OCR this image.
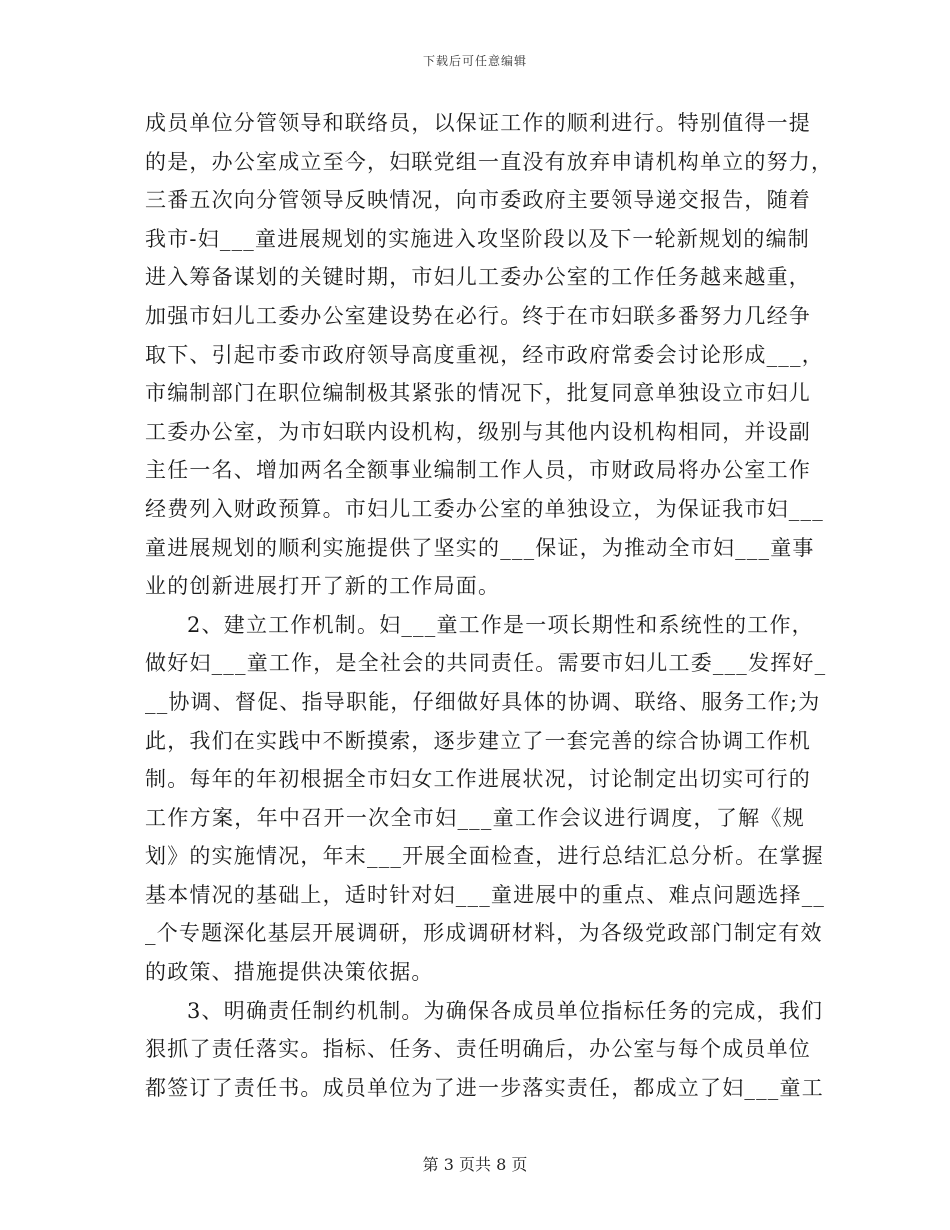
下载后可任意编辑
成员单位分管领导和联络员，以保证工作的顺利进行。特别值得一提
的是，办公室成立至今，妇联党组一直没有放弃申请机构单立的努力，
三番五次向分管领导反映情况，向市委政府主要领导递交报告，随着
我市-妇___童进展规划的实施进入攻坚阶段以及下一轮新规划的编制
进入筹备谋划的关键时期，市妇儿工委办公室的工作任务越来越重，
加强市妇儿工委办公室建设势在必行。终于在市妇联多番努力几经争
取下、引起市委市政府领导高度重视，经市政府常委会讨论形成___，
市编制部门在职位编制极其紧张的情况下，批复同意单独设立市妇儿
工委办公室，为市妇联内设机构，级别与其他内设机构相同，并设副
主任一名、增加两名全额事业编制工作人员，市财政局将办公室工作
经费列入财政预算。市妇儿工委办公室的单独设立，为保证我市妇___
童进展规划的顺利实施提供了坚实的___保证，为推动全市妇___童事
业的创新进展打开了新的工作局面。
2、建立工作机制。妇___童工作是一项长期性和系统性的工作，
做好妇___童工作，是全社会的共同责任。需要市妇儿工委___发挥好_
__协调、督促、指导职能，仔细做好具体的协调、联络、服务工作;为
此，我们在实践中不断摸索，逐步建立了一套完善的综合协调工作机
制。每年的年初根据全市妇女工作进展状况，讨论制定出切实可行的
工作方案，年中召开一次全市妇___童工作会议进行调度，了解《规
划》的实施情况，年末___开展全面检查，进行总结汇总分析。在掌握
基本情况的基础上，适时针对妇___童进展中的重点、难点问题选择__
_个专题深化基层开展调研，形成调研材料，为各级党政部门制定有效
的政策、措施提供决策依据。
3、明确责任制约机制。为确保各成员单位指标任务的完成，我们
狠抓了责任落实。指标、任务、责任明确后，办公室与每个成员单位
都签订了责任书。成员单位为了进一步落实责任，都成立了妇___童工
第 3 页共 8 页
